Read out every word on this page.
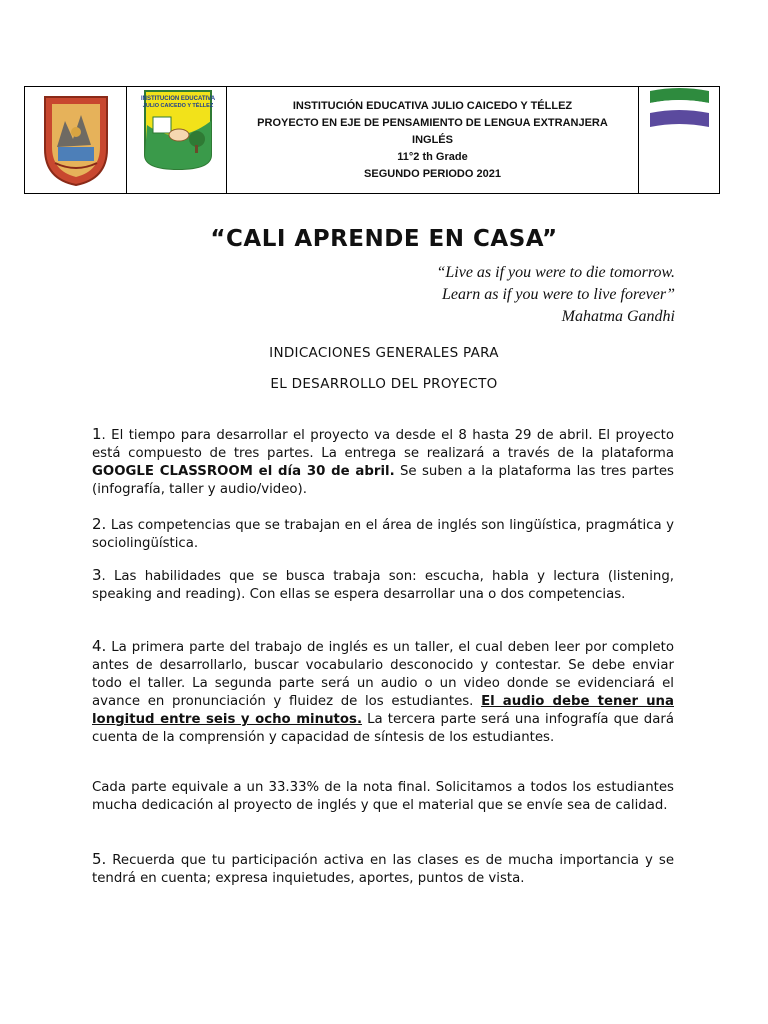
INSTITUCION EDUCATIVA
JULIO CAICEDO Y TÉLLEZ	INSTITUCIÓN EDUCATIVA JULIO CAICEDO Y TÉLLEZ
PROYECTO EN EJE DE PENSAMIENTO DE LENGUA EXTRANJERA
INGLÉS
11°2 th Grade
SEGUNDO PERIODO 2021
“CALI APRENDE EN CASA”
“Live as if you were to die tomorrow.
Learn as if you were to live forever”
Mahatma Gandhi
INDICACIONES GENERALES PARA
EL DESARROLLO DEL PROYECTO
1. El tiempo para desarrollar el proyecto va desde el 8 hasta 29 de abril. El proyecto está compuesto de tres partes. La entrega se realizará a través de la plataforma GOOGLE CLASSROOM el día 30 de abril. Se suben a la plataforma las tres partes (infografía, taller y audio/video).
2. Las competencias que se trabajan en el área de inglés son lingüística, pragmática y sociolingüística.
3. Las habilidades que se busca trabaja son: escucha, habla y lectura (listening, speaking and reading). Con ellas se espera desarrollar una o dos competencias.
4. La primera parte del trabajo de inglés es un taller, el cual deben leer por completo antes de desarrollarlo, buscar vocabulario desconocido y contestar. Se debe enviar todo el taller. La segunda parte será un audio o un video donde se evidenciará el avance en pronunciación y fluidez de los estudiantes. El audio debe tener una longitud entre seis y ocho minutos. La tercera parte será una infografía que dará cuenta de la comprensión y capacidad de síntesis de los estudiantes.
Cada parte equivale a un 33.33% de la nota final. Solicitamos a todos los estudiantes mucha dedicación al proyecto de inglés y que el material que se envíe sea de calidad.
5. Recuerda que tu participación activa en las clases es de mucha importancia y se tendrá en cuenta; expresa inquietudes, aportes, puntos de vista.
